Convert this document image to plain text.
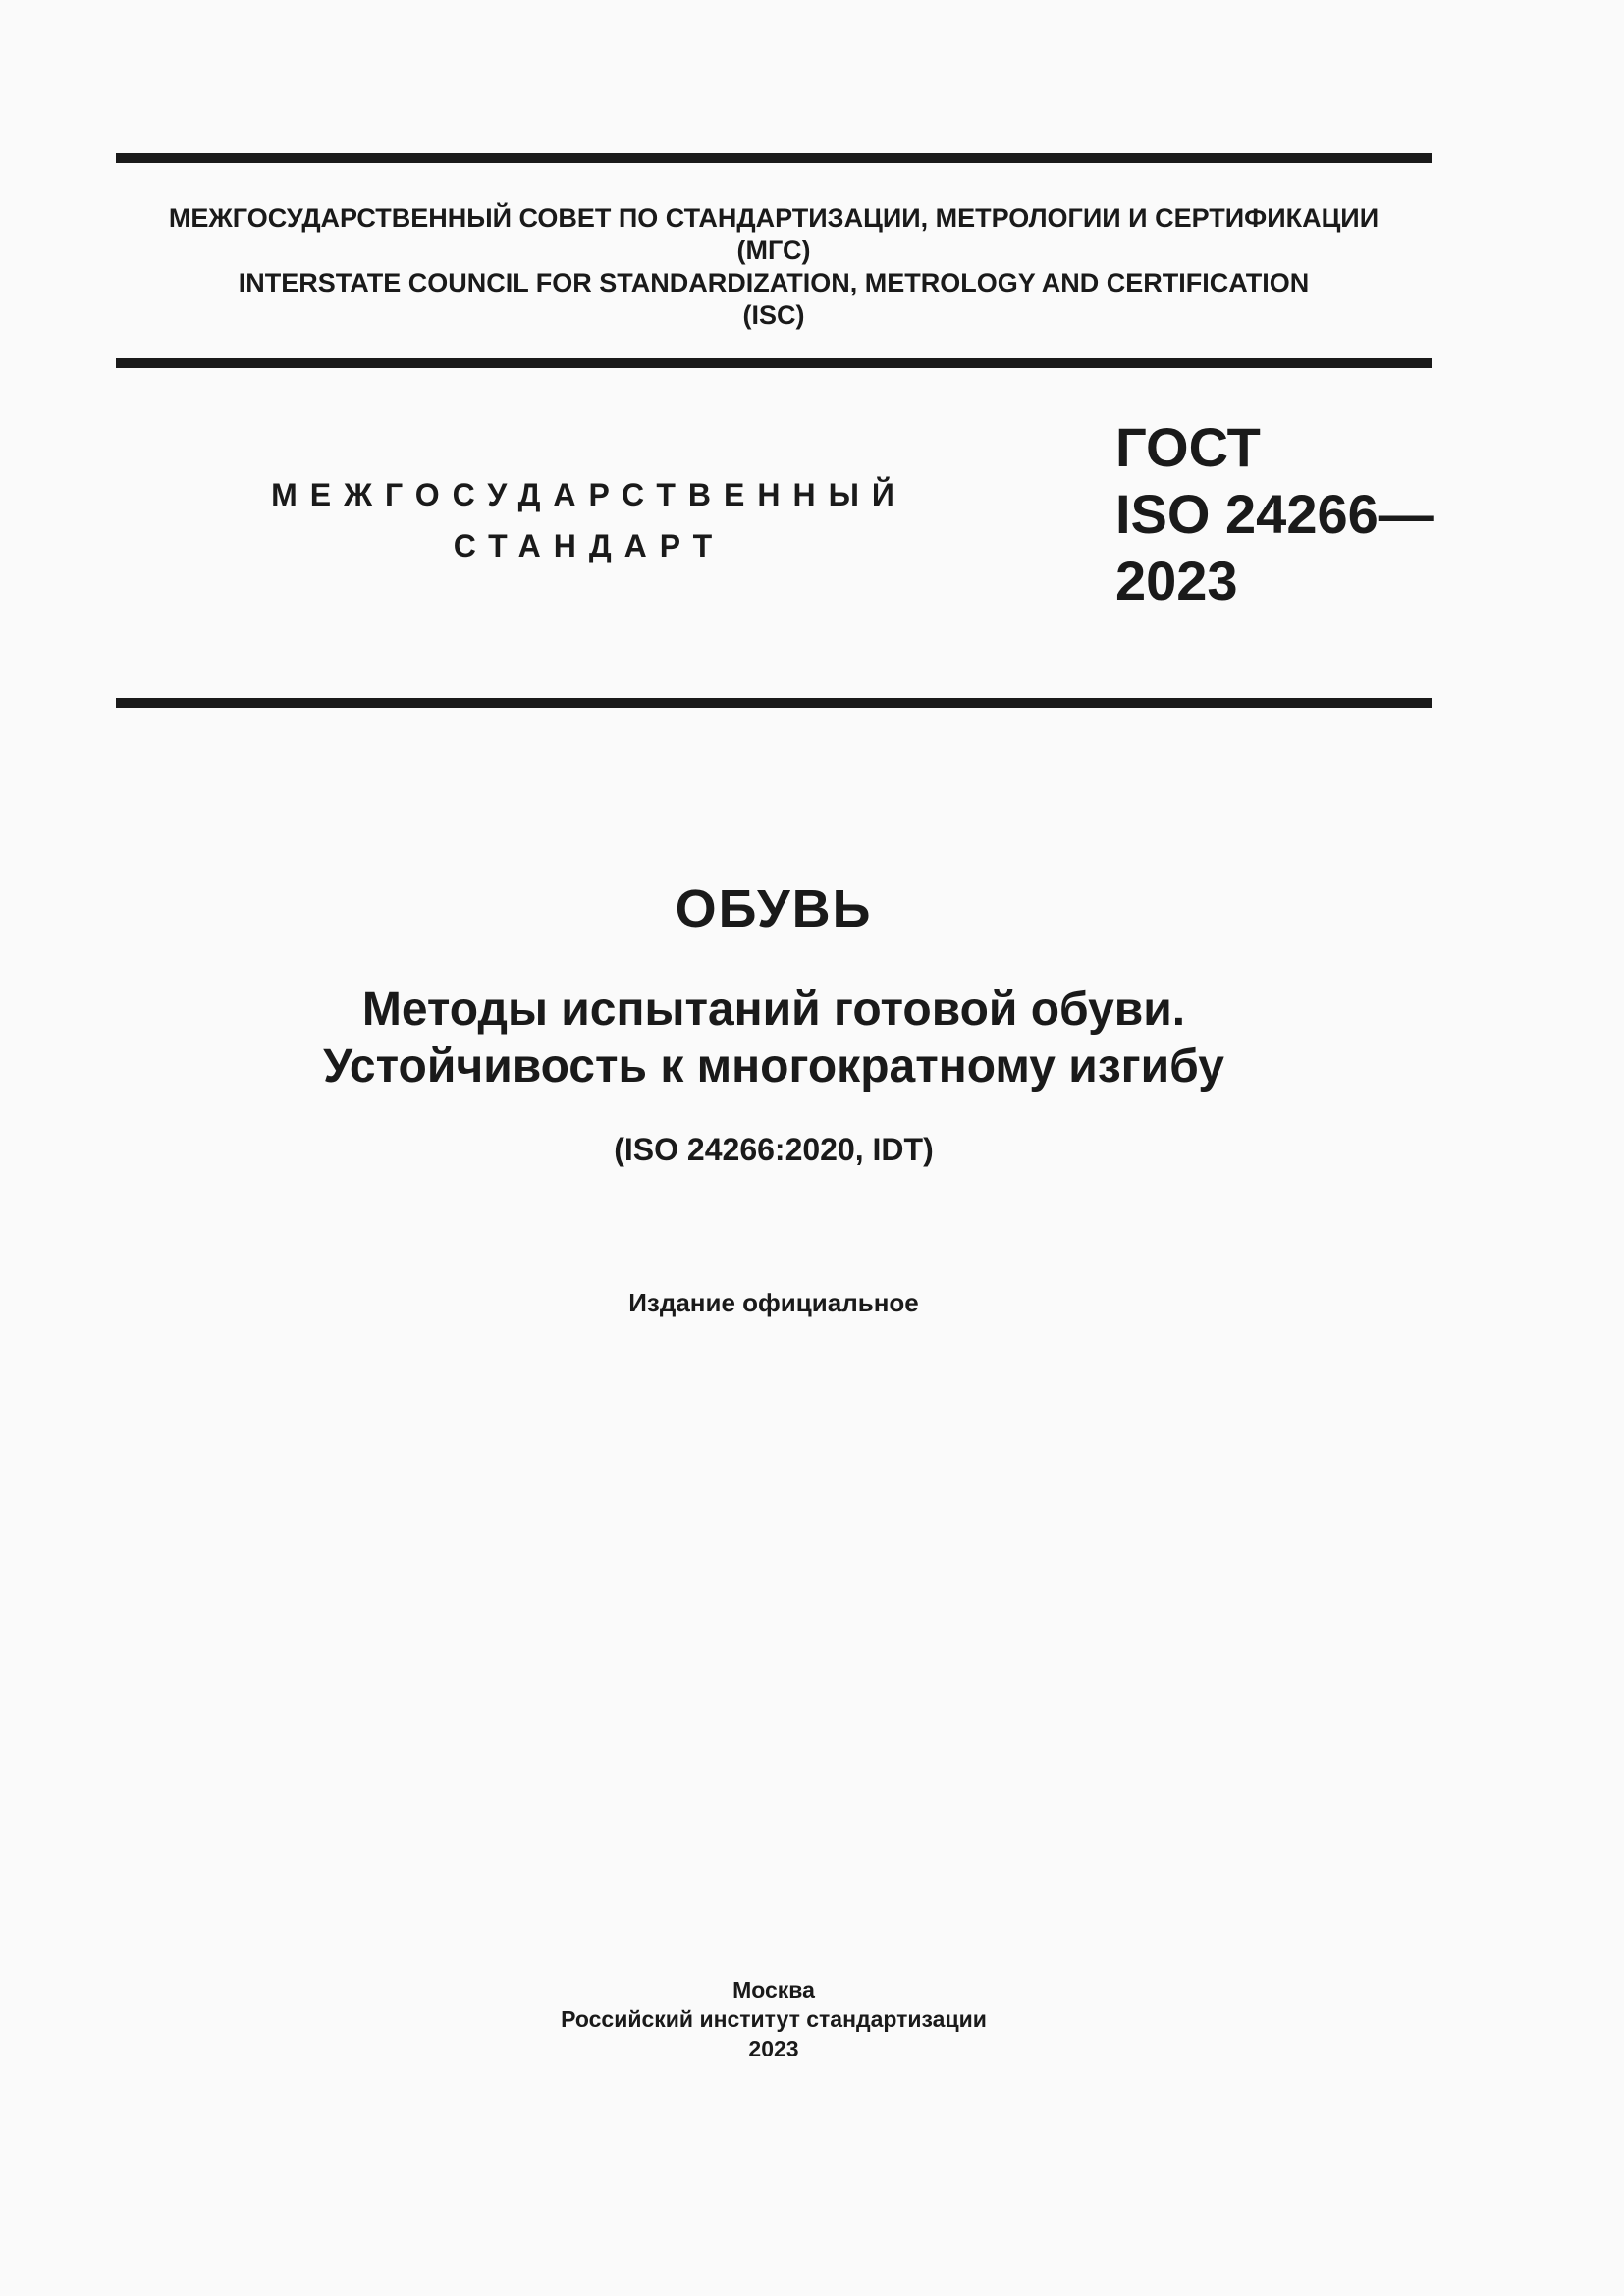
МЕЖГОСУДАРСТВЕННЫЙ СОВЕТ ПО СТАНДАРТИЗАЦИИ, МЕТРОЛОГИИ И СЕРТИФИКАЦИИ
(МГС)
INTERSTATE COUNCIL FOR STANDARDIZATION, METROLOGY AND CERTIFICATION
(ISC)
МЕЖГОСУДАРСТВЕННЫЙ
СТАНДАРТ
ГОСТ
ISO 24266—
2023
ОБУВЬ
Методы испытаний готовой обуви.
Устойчивость к многократному изгибу
(ISO 24266:2020, IDT)
Издание официальное
Москва
Российский институт стандартизации
2023
